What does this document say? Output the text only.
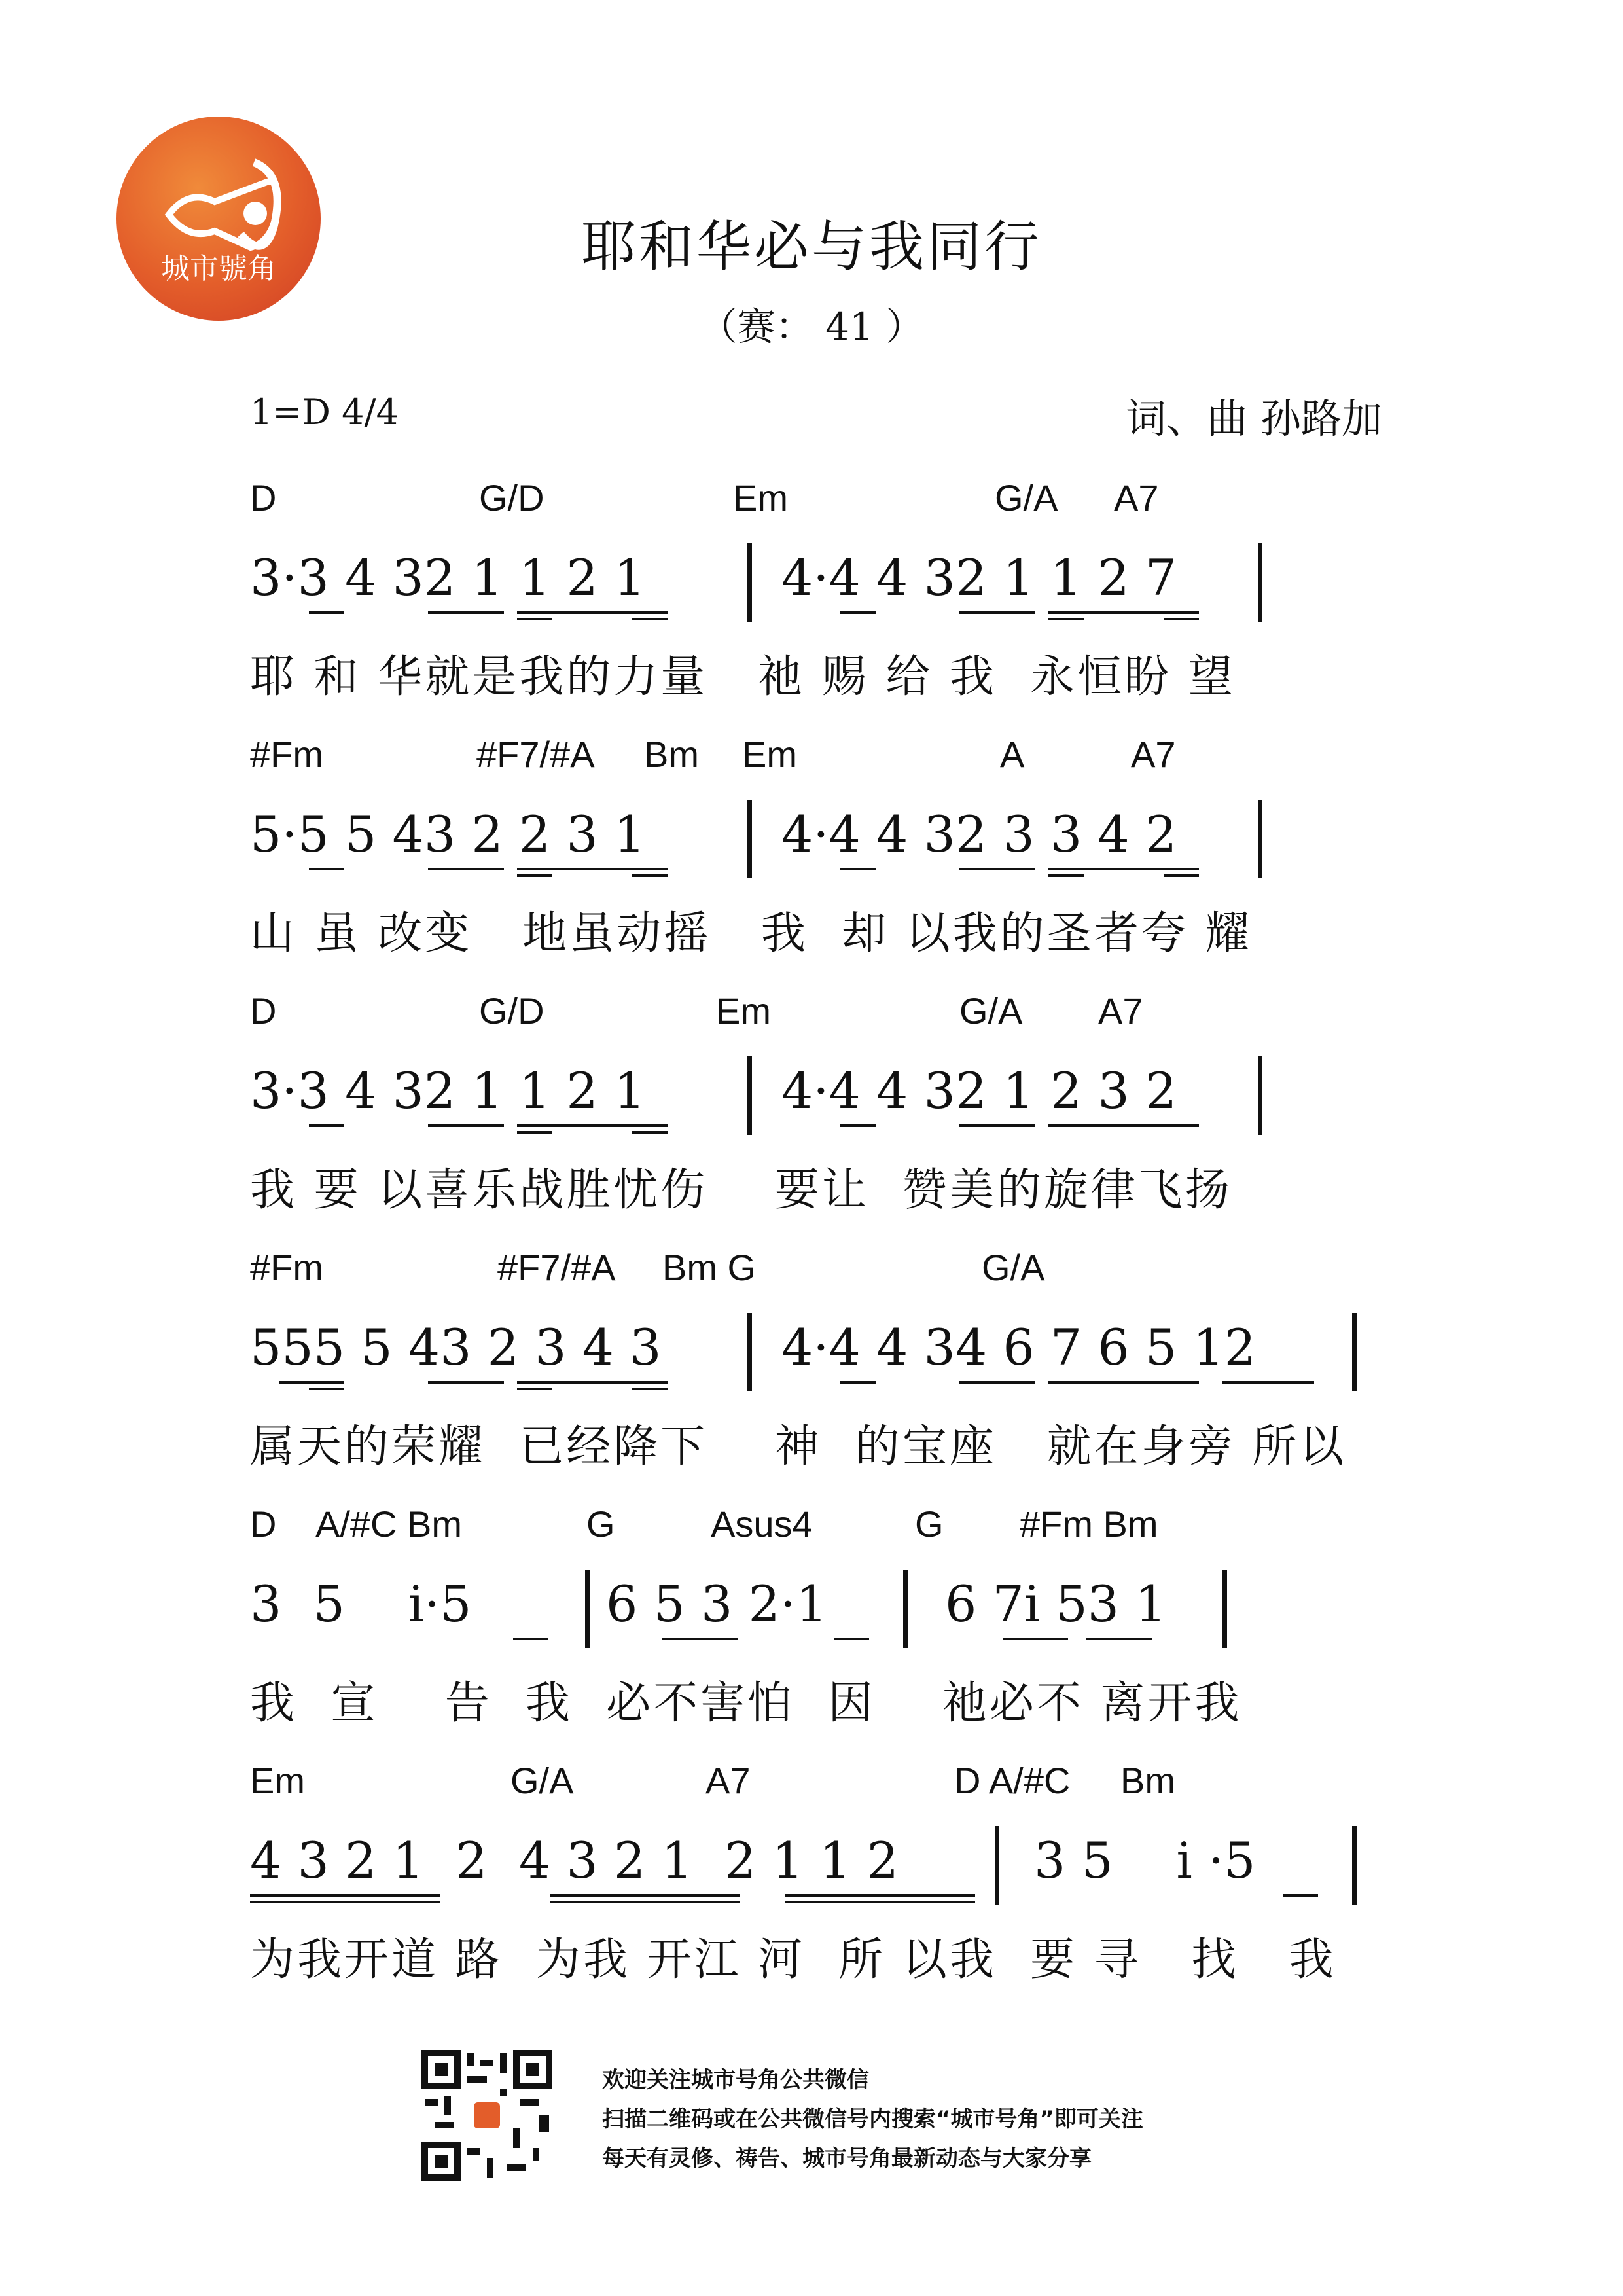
城市號角	耶和华必与我同行
（赛： 41 ）
1=D 4/4	词、曲 孙路加
D	G/D	Em	G/A A7
3·3 4 32 1 1 2 1	4·4 4 32 1 1 2 7
耶 和 华就是我的力量   祂 赐 给 我  永恒盼 望
#Fm	#F7/#A Bm Em	A	A7
5·5 5 43 2 2 3 1	4·4 4 32 3 3 4 2
山 虽 改变   地虽动摇   我  却 以我的圣者夸 耀
D	G/D	Em	G/A A7
3·3 4 32 1 1 2 1	4·4 4 32 1 2 3 2
我 要 以喜乐战胜忧伤    要让  赞美的旋律飞扬
#Fm	#F7/#A Bm G	G/A
555 5 43 2 3 4 3 4·4 4 34 6 7 6 5 12
属天的荣耀  已经降下    神  的宝座   就在身旁 所以
D A/#C Bm	G	Asus4	G #Fm Bm
3  5    i·5	6 5 3 2·1 6 7i 53 1
我  宣    告  我  必不害怕  因    祂必不 离开我
Em	G/A	A7	D A/#C Bm
4 3 2 1  2  4 3 2 1  2 1 1 2	3 5    i ·5
为我开道 路  为我 开江 河  所 以我  要 寻   找   我
欢迎关注城市号角公共微信
扫描二维码或在公共微信号内搜索“城市号角”即可关注
每天有灵修、祷告、城市号角最新动态与大家分享
